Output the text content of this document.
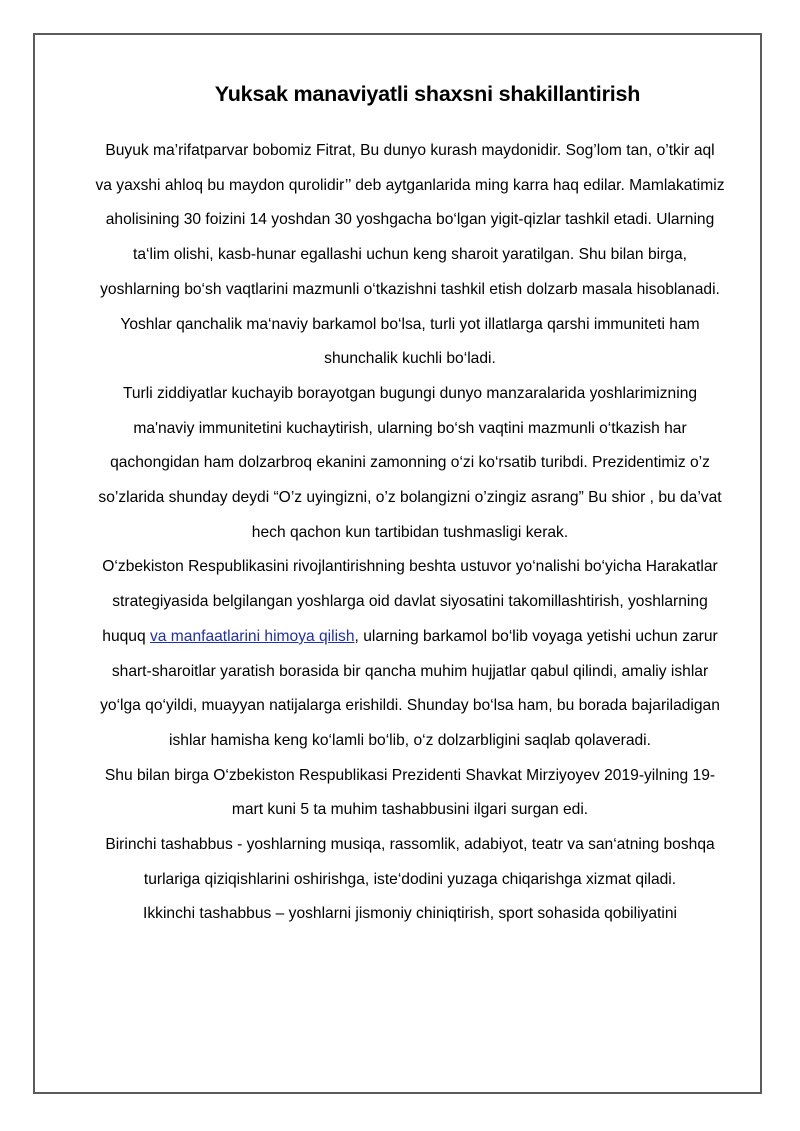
Yuksak manaviyatli shaxsni shakillantirish

Buyuk ma’rifatparvar bobomiz Fitrat, Bu dunyo kurash maydonidir. Sog’lom tan, o’tkir aql va yaxshi ahloq bu maydon qurolidir’’ deb aytganlarida ming karra haq edilar. Mamlakatimiz aholisining 30 foizini 14 yoshdan 30 yoshgacha bo‘lgan yigit-qizlar tashkil etadi. Ularning ta‘lim olishi, kasb-hunar egallashi uchun keng sharoit yaratilgan. Shu bilan birga, yoshlarning bo‘sh vaqtlarini mazmunli o‘tkazishni tashkil etish dolzarb masala hisoblanadi. Yoshlar qanchalik ma‘naviy barkamol bo‘lsa, turli yot illatlarga qarshi immuniteti ham shunchalik kuchli bo‘ladi.

Turli ziddiyatlar kuchayib borayotgan bugungi dunyo manzaralarida yoshlarimizning ma'naviy immunitetini kuchaytirish, ularning bo‘sh vaqtini mazmunli o‘tkazish har qachongidan ham dolzarbroq ekanini zamonning o‘zi ko‘rsatib turibdi. Prezidentimiz o’z so’zlarida shunday deydi “O’z uyingizni, o’z bolangizni o’zingiz asrang” Bu shior , bu da’vat hech qachon kun tartibidan tushmasligi kerak.

O‘zbekiston Respublikasini rivojlantirishning beshta ustuvor yo‘nalishi bo‘yicha Harakatlar strategiyasida belgilangan yoshlarga oid davlat siyosatini takomillashtirish, yoshlarning huquq va manfaatlarini himoya qilish, ularning barkamol bo‘lib voyaga yetishi uchun zarur shart-sharoitlar yaratish borasida bir qancha muhim hujjatlar qabul qilindi, amaliy ishlar yo‘lga qo‘yildi, muayyan natijalarga erishildi. Shunday bo‘lsa ham, bu borada bajariladigan ishlar hamisha keng ko‘lamli bo‘lib, o‘z dolzarbligini saqlab qolaveradi.

Shu bilan birga O‘zbekiston Respublikasi Prezidenti Shavkat Mirziyoyev 2019-yilning 19-mart kuni 5 ta muhim tashabbusini ilgari surgan edi.

Birinchi tashabbus - yoshlarning musiqa, rassomlik, adabiyot, teatr va san‘atning boshqa turlariga qiziqishlarini oshirishga, iste‘dodini yuzaga chiqarishga xizmat qiladi.

Ikkinchi tashabbus – yoshlarni jismoniy chiniqtirish, sport sohasida qobiliyatini
